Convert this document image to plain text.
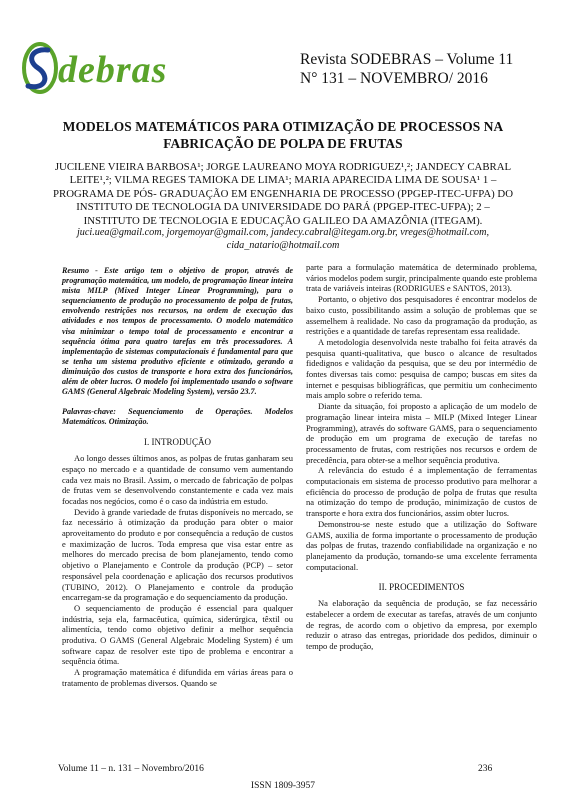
debras	Revista SODEBRAS – Volume 11
N° 131 – NOVEMBRO/ 2016
MODELOS MATEMÁTICOS PARA OTIMIZAÇÃO DE PROCESSOS NA FABRICAÇÃO DE POLPA DE FRUTAS
JUCILENE VIEIRA BARBOSA¹; JORGE LAUREANO MOYA RODRIGUEZ¹,²; JANDECY CABRAL LEITE¹,²; VILMA REGES TAMIOKA DE LIMA¹; MARIA APARECIDA LIMA DE SOUSA¹ 1 – PROGRAMA DE PÓS- GRADUAÇÃO EM ENGENHARIA DE PROCESSO (PPGEP-ITEC-UFPA) DO INSTITUTO DE TECNOLOGIA DA UNIVERSIDADE DO PARÁ (PPGEP-ITEC-UFPA); 2 – INSTITUTO DE TECNOLOGIA E EDUCAÇÃO GALILEO DA AMAZÔNIA (ITEGAM).
juci.uea@gmail.com, jorgemoyar@gmail.com, jandecy.cabral@itegam.org.br, vreges@hotmail.com, cida_natario@hotmail.com

Resumo - Este artigo tem o objetivo de propor, através de programação matemática, um modelo, de programação linear inteira mista MILP (Mixed Integer Linear Programming), para o sequenciamento de produção no processamento de polpa de frutas, envolvendo restrições nos recursos, na ordem de execução das atividades e nos tempos de processamento. O modelo matemático visa minimizar o tempo total de processamento e encontrar a sequência ótima para quatro tarefas em três processadores. A implementação de sistemas computacionais é fundamental para que se tenha um sistema produtivo eficiente e otimizado, gerando a diminuição dos custos de transporte e hora extra dos funcionários, além de obter lucros. O modelo foi implementado usando o software GAMS (General Algebraic Modeling System), versão 23.7.

Palavras-chave: Sequenciamento de Operações. Modelos Matemáticos. Otimização.

I. INTRODUÇÃO

Ao longo desses últimos anos, as polpas de frutas ganharam seu espaço no mercado e a quantidade de consumo vem aumentando cada vez mais no Brasil. Assim, o mercado de fabricação de polpas de frutas vem se desenvolvendo constantemente e cada vez mais focadas nos negócios, como é o caso da indústria em estudo.

Devido à grande variedade de frutas disponíveis no mercado, se faz necessário à otimização da produção para obter o maior aproveitamento do produto e por consequência a redução de custos e maximização de lucros. Toda empresa que visa estar entre as melhores do mercado precisa de bom planejamento, tendo como objetivo o Planejamento e Controle da produção (PCP) – setor responsável pela coordenação e aplicação dos recursos produtivos (TUBINO, 2012). O Planejamento e controle da produção encarregam-se da programação e do sequenciamento da produção.

O sequenciamento de produção é essencial para qualquer indústria, seja ela, farmacêutica, química, siderúrgica, têxtil ou alimentícia, tendo como objetivo definir a melhor sequência produtiva. O GAMS (General Algebraic Modeling System) é um software capaz de resolver este tipo de problema e encontrar a sequência ótima.

A programação matemática é difundida em várias áreas para o tratamento de problemas diversos. Quando se

parte para a formulação matemática de determinado problema, vários modelos podem surgir, principalmente quando este problema trata de variáveis inteiras (RODRIGUES e SANTOS, 2013).

Portanto, o objetivo dos pesquisadores é encontrar modelos de baixo custo, possibilitando assim a solução de problemas que se assemelhem à realidade. No caso da programação da produção, as restrições e a quantidade de tarefas representam essa realidade.

A metodologia desenvolvida neste trabalho foi feita através da pesquisa quanti-qualitativa, que busco o alcance de resultados fidedignos e validação da pesquisa, que se deu por intermédio de fontes diversas tais como: pesquisa de campo; buscas em sites da internet e pesquisas bibliográficas, que permitiu um conhecimento mais amplo sobre o referido tema.

Diante da situação, foi proposto a aplicação de um modelo de programação linear inteira mista – MILP (Mixed Integer Linear Programming), através do software GAMS, para o sequenciamento de produção em um programa de execução de tarefas no processamento de frutas, com restrições nos recursos e ordem de precedência, para obter-se a melhor sequência produtiva.

A relevância do estudo é a implementação de ferramentas computacionais em sistema de processo produtivo para melhorar a eficiência do processo de produção de polpa de frutas que resulta na otimização do tempo de produção, minimização de custos de transporte e hora extra dos funcionários, assim obter lucros.

Demonstrou-se neste estudo que a utilização do Software GAMS, auxilia de forma importante o processamento de produção das polpas de frutas, trazendo confiabilidade na organização e no planejamento da produção, tornando-se uma excelente ferramenta computacional.

II. PROCEDIMENTOS

Na elaboração da sequência de produção, se faz necessário estabelecer a ordem de executar as tarefas, através de um conjunto de regras, de acordo com o objetivo da empresa, por exemplo reduzir o atraso das entregas, prioridade dos pedidos, diminuir o tempo de produção,

Volume 11 – n. 131 – Novembro/2016	236
ISSN 1809-3957
